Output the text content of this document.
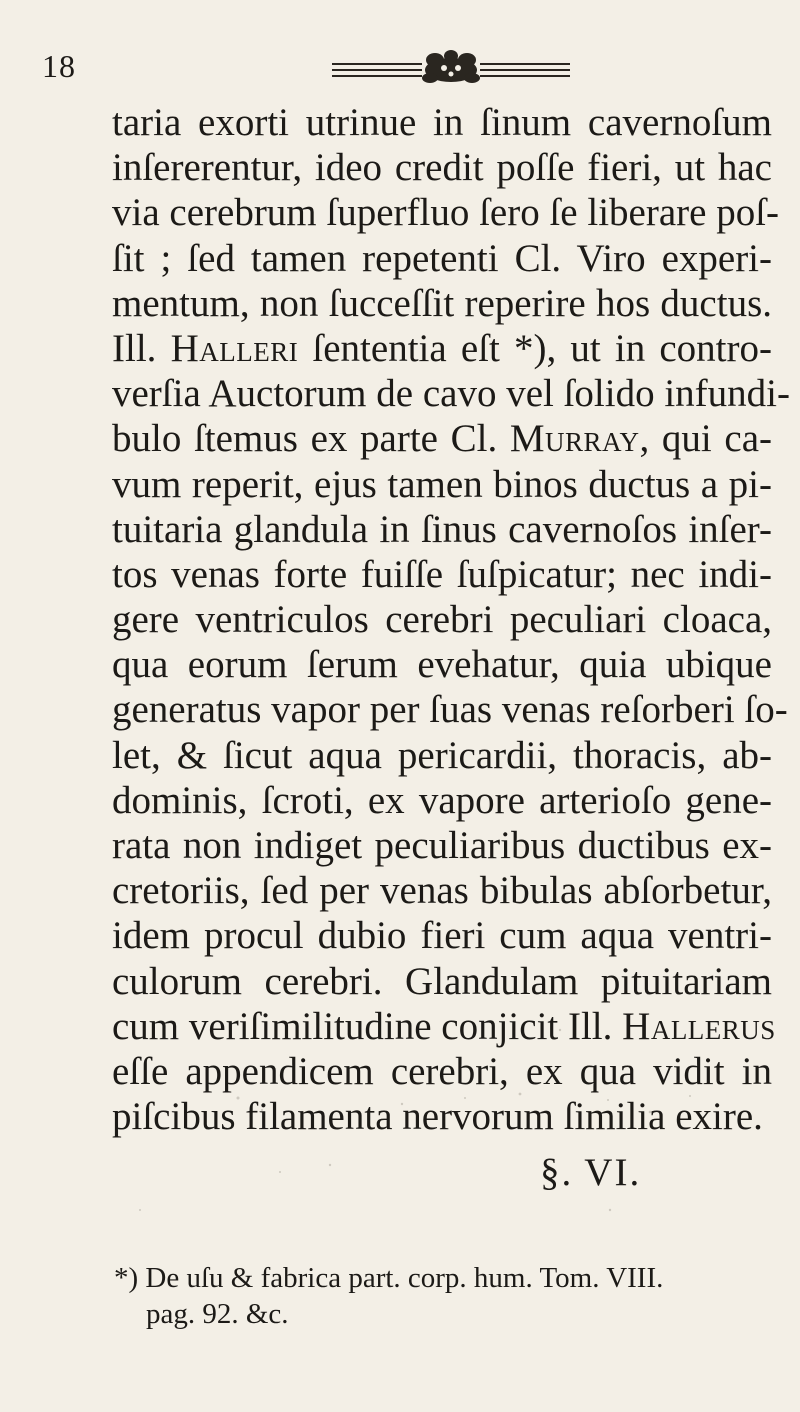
18
taria exorti utrinue in ſinum cavernoſum
inſererentur, ideo credit poſſe fieri, ut hac
via cerebrum ſuperfluo ſero ſe liberare poſ-
ſit ; ſed tamen repetenti Cl. Viro experi-
mentum, non ſucceſſit reperire hos ductus.
Ill. Halleri ſententia eſt *), ut in contro-
verſia Auctorum de cavo vel ſolido infundi-
bulo ſtemus ex parte Cl. Murray, qui ca-
vum reperit, ejus tamen binos ductus a pi-
tuitaria glandula in ſinus cavernoſos inſer-
tos venas forte fuiſſe ſuſpicatur; nec indi-
gere ventriculos cerebri peculiari cloaca,
qua eorum ſerum evehatur, quia ubique
generatus vapor per ſuas venas reſorberi ſo-
let, & ſicut aqua pericardii, thoracis, ab-
dominis, ſcroti, ex vapore arterioſo gene-
rata non indiget peculiaribus ductibus ex-
cretoriis, ſed per venas bibulas abſorbetur,
idem procul dubio fieri cum aqua ventri-
culorum cerebri. Glandulam pituitariam
cum veriſimilitudine conjicit Ill. Hallerus
eſſe appendicem cerebri, ex qua vidit in
piſcibus filamenta nervorum ſimilia exire.
§. VI.
*) De uſu & fabrica part. corp. hum. Tom. VIII.
pag. 92. &c.
